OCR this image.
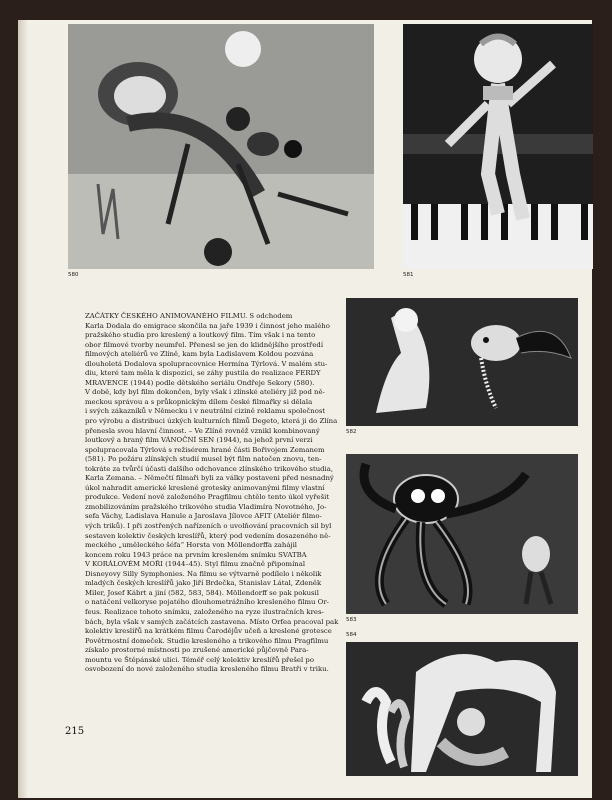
580	581
582
583
584

ZAČÁTKY ČESKÉHO ANIMOVANÉHO FILMU. S odchodem

Karla Dodala do emigrace skončila na jaře 1939 i činnost jeho malého

pražského studia pro kreslený a loutkový film. Tím však i na tento

obor filmové tvorby neumřel. Přenesl se jen do klidnějšího prostředí

filmových ateliérů ve Zlíně, kam byla Ladislavem Koldou pozvána

dlouholetá Dodalova spolupracovnice Hermína Týrlová. V malém stu-

diu, které tam měla k dispozici, se záhy pustila do realizace FERDY

MRAVENCE (1944) podle dětského seriálu Ondřeje Sekory (580).

V době, kdy byl film dokončen, byly však i zlínské ateliéry již pod ně-

meckou správou a s průkopnickým dílem české filmařky si dělala

i svých zákazníků v Německu i v neutrální cizině reklamu společnost

pro výrobu a distribuci úzkých kulturních filmů Degeto, která ji do Zlína

přenesla svou hlavní činnost. – Ve Zlíně rovněž vznikl kombinovaný

loutkový a hraný film VÁNOČNÍ SEN (1944), na jehož první verzi

spolupracovala Týrlová s režisérem hrané části Bořivojem Zemanem

(581). Po požáru zlínských studií musel být film natočen znovu, ten-

tokráte za tvůrčí účasti dalšího odchovance zlínského trikového studia,

Karla Zemana. – Němečtí filmaři byli za války postaveni před nesnadný

úkol nahradit americké kreslené grotesky animovanými filmy vlastní

produkce. Vedení nově založeného Pragfilmu chtělo tento úkol vyřešit

zmobilizováním pražského trikového studia Vladimíra Novotného, Jo-

sefa Váchy, Ladislava Hanule a Jaroslava Jílovce AFIT (Ateliér filmo-

vých triků). I při zostřených nařízeních o uvolňování pracovních sil byl

sestaven kolektiv českých kreslířů, který pod vedením dosazeného ně-

meckého „uměleckého šéfa“ Horsta von Möllendorffa zahájil

koncem roku 1943 práce na prvním kresleném snímku SVATBA

V KORÁLOVÉM MOŘI (1944–45). Styl filmu značně připomínal

Disneyovy Silly Symphonies. Na filmu se výtvarně podílelo i několik

mladých českých kreslířů jako Jiří Brdečka, Stanislav Látal, Zdeněk

Miler, Josef Kábrt a jiní (582, 583, 584). Möllendorff se pak pokusil

o natáčení velkoryse pojatého dlouhometrážního kresleného filmu Or-

feus. Realizace tohoto snímku, založeného na ryze ilustračních kres-

bách, byla však v samých začátcích zastavena. Místo Orfea pracoval pak

kolektiv kreslířů na krátkém filmu Čarodějův učeň a kreslené grotesce

Povětrnostní domeček. Studio kresleného a trikového filmu Pragfilmu

získalo prostorné místnosti po zrušené americké půjčovně Para-

mountu ve Štěpánské ulici. Téměř celý kolektiv kreslířů přešel po

osvobození do nové založeného studia kresleného filmu Bratři v triku.

215
